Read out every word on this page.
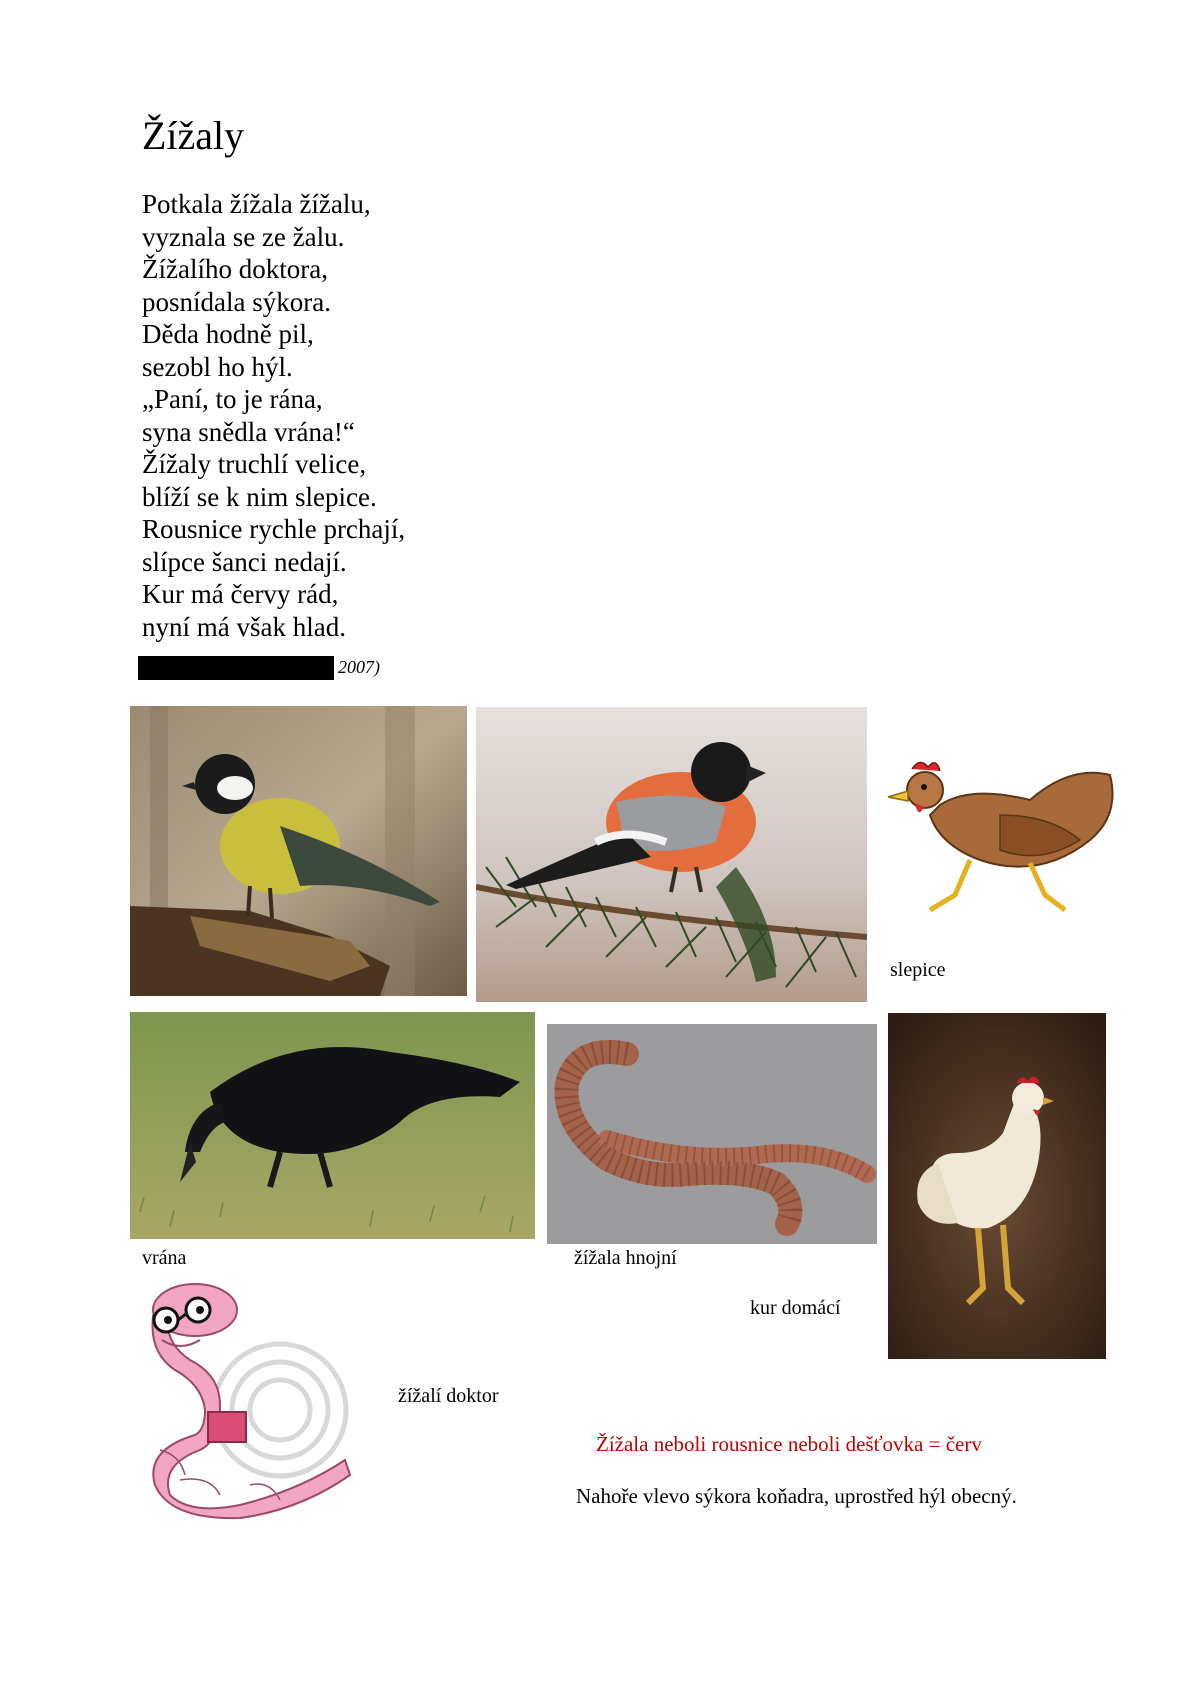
Žížaly
Potkala žížala žížalu,
vyznala se ze žalu.
Žížalího doktora,
posnídala sýkora.
Děda hodně pil,
sezobl ho hýl.
„Paní, to je rána,
syna snědla vrána!“
Žížaly truchlí velice,
blíží se k nim slepice.
Rousnice rychle prchají,
slípce šanci nedají.
Kur má červy rád,
nyní má však hlad.
2007)
slepice
vrána	žížala hnojní
kur domácí
žížalí doktor
Žížala neboli rousnice neboli dešťovka = červ
Nahoře vlevo sýkora koňadra, uprostřed hýl obecný.
